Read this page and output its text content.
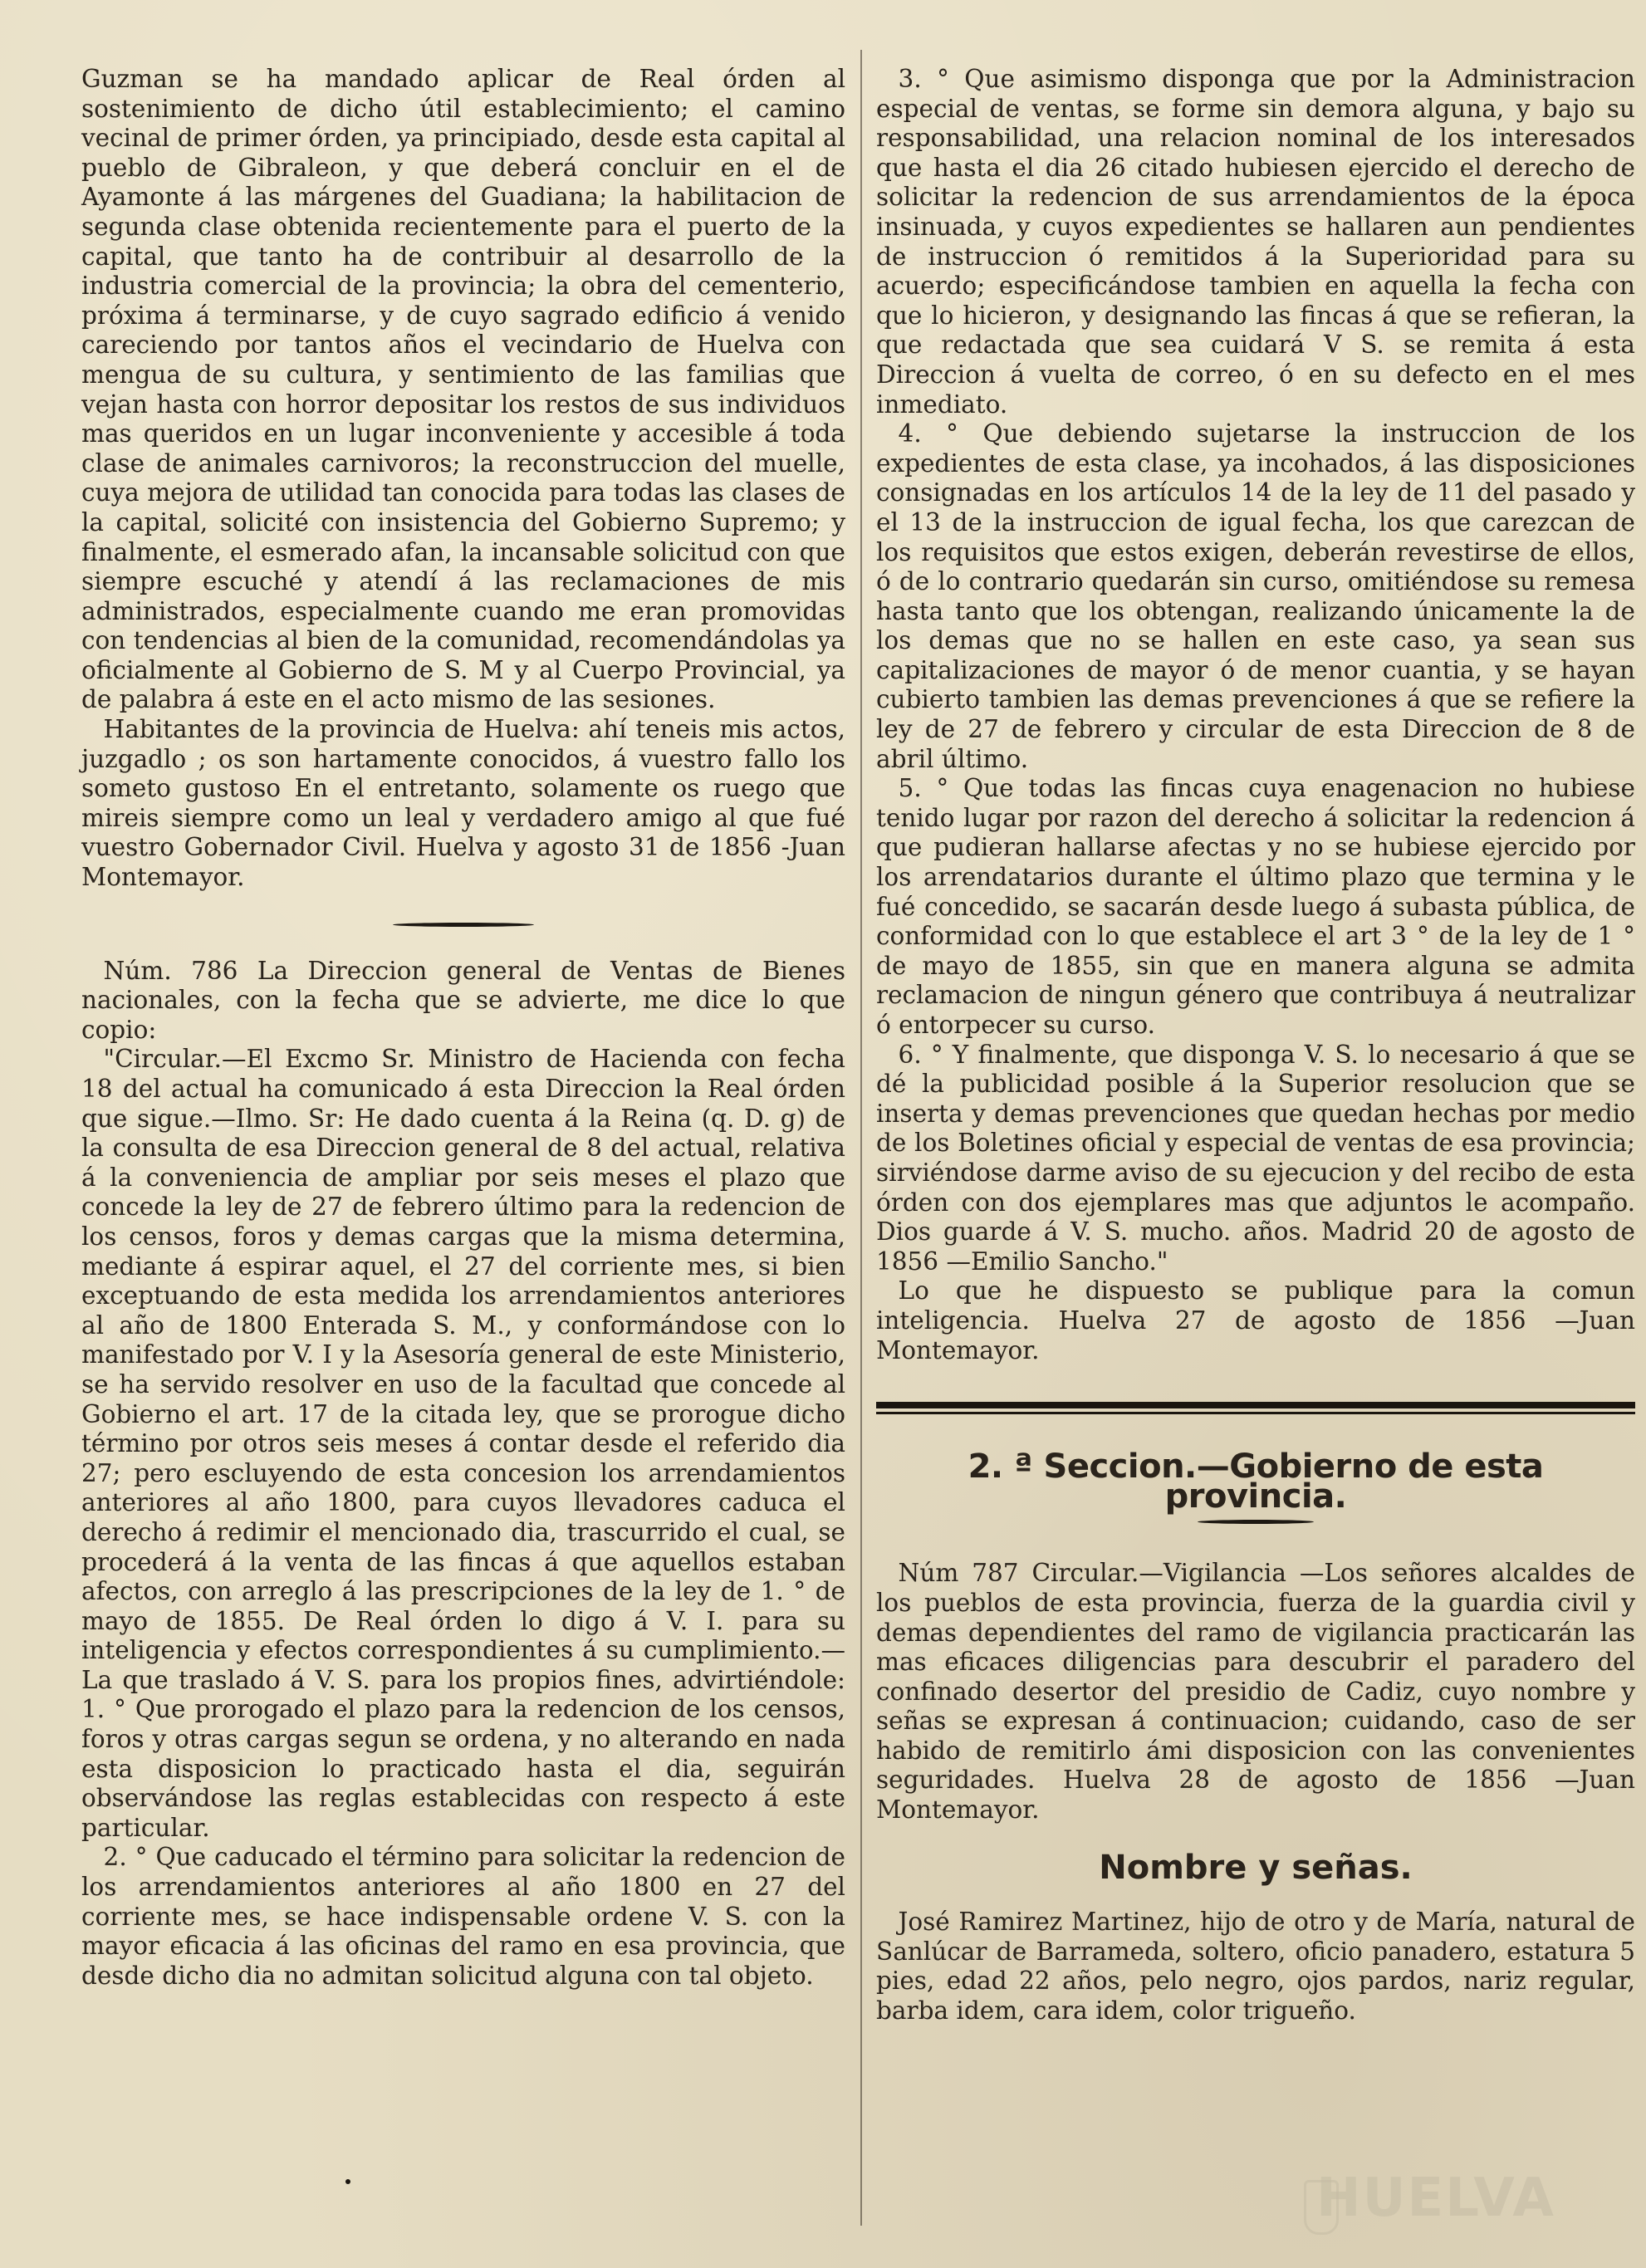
Guzman se ha mandado aplicar de Real órden al sostenimiento de dicho útil establecimiento; el camino vecinal de primer órden, ya principiado, desde esta capital al pueblo de Gibraleon, y que deberá concluir en el de Ayamonte á las márgenes del Guadiana; la habilitacion de segunda clase obtenida recientemente para el puerto de la capital, que tanto ha de contribuir al desarrollo de la industria comercial de la provincia; la obra del cementerio, próxima á terminarse, y de cuyo sagrado edificio á venido careciendo por tantos años el vecindario de Huelva con mengua de su cultura, y sentimiento de las familias que vejan hasta con horror depositar los restos de sus individuos mas queridos en un lugar inconveniente y accesible á toda clase de animales carnivoros; la reconstruccion del muelle, cuya mejora de utilidad tan conocida para todas las clases de la capital, solicité con insistencia del Gobierno Supremo; y finalmente, el esmerado afan, la incansable solicitud con que siempre escuché y atendí á las reclamaciones de mis administrados, especialmente cuando me eran promovidas con tendencias al bien de la comunidad, recomendándolas ya oficialmente al Gobierno de S. M y al Cuerpo Provincial, ya de palabra á este en el acto mismo de las sesiones.

Habitantes de la provincia de Huelva: ahí teneis mis actos, juzgadlo ; os son hartamente conocidos, á vuestro fallo los someto gustoso En el entretanto, solamente os ruego que mireis siempre como un leal y verdadero amigo al que fué vuestro Gobernador Civil. Huelva y agosto 31 de 1856 -Juan Montemayor.

Núm. 786 La Direccion general de Ventas de Bienes nacionales, con la fecha que se advierte, me dice lo que copio:

"Circular.—El Excmo Sr. Ministro de Hacienda con fecha 18 del actual ha comunicado á esta Direccion la Real órden que sigue.—Ilmo. Sr: He dado cuenta á la Reina (q. D. g) de la consulta de esa Direccion general de 8 del actual, relativa á la conveniencia de ampliar por seis meses el plazo que concede la ley de 27 de febrero último para la redencion de los censos, foros y demas cargas que la misma determina, mediante á espirar aquel, el 27 del corriente mes, si bien exceptuando de esta medida los arrendamientos anteriores al año de 1800 Enterada S. M., y conformándose con lo manifestado por V. I y la Asesoría general de este Ministerio, se ha servido resolver en uso de la facultad que concede al Gobierno el art. 17 de la citada ley, que se prorogue dicho término por otros seis meses á contar desde el referido dia 27; pero escluyendo de esta concesion los arrendamientos anteriores al año 1800, para cuyos llevadores caduca el derecho á redimir el mencionado dia, trascurrido el cual, se procederá á la venta de las fincas á que aquellos estaban afectos, con arreglo á las prescripciones de la ley de 1. ° de mayo de 1855. De Real órden lo digo á V. I. para su inteligencia y efectos correspondientes á su cumplimiento.—La que traslado á V. S. para los propios fines, advirtiéndole: 1. ° Que prorogado el plazo para la redencion de los censos, foros y otras cargas segun se ordena, y no alterando en nada esta disposicion lo practicado hasta el dia, seguirán observándose las reglas establecidas con respecto á este particular.

2. ° Que caducado el término para solicitar la redencion de los arrendamientos anteriores al año 1800 en 27 del corriente mes, se hace indispensable ordene V. S. con la mayor eficacia á las oficinas del ramo en esa provincia, que desde dicho dia no admitan solicitud alguna con tal objeto.

3. ° Que asimismo disponga que por la Administracion especial de ventas, se forme sin demora alguna, y bajo su responsabilidad, una relacion nominal de los interesados que hasta el dia 26 citado hubiesen ejercido el derecho de solicitar la redencion de sus arrendamientos de la época insinuada, y cuyos expedientes se hallaren aun pendientes de instruccion ó remitidos á la Superioridad para su acuerdo; especificándose tambien en aquella la fecha con que lo hicieron, y designando las fincas á que se refieran, la que redactada que sea cuidará V S. se remita á esta Direccion á vuelta de correo, ó en su defecto en el mes inmediato.

4. ° Que debiendo sujetarse la instruccion de los expedientes de esta clase, ya incohados, á las disposiciones consignadas en los artículos 14 de la ley de 11 del pasado y el 13 de la instruccion de igual fecha, los que carezcan de los requisitos que estos exigen, deberán revestirse de ellos, ó de lo contrario quedarán sin curso, omitiéndose su remesa hasta tanto que los obtengan, realizando únicamente la de los demas que no se hallen en este caso, ya sean sus capitalizaciones de mayor ó de menor cuantia, y se hayan cubierto tambien las demas prevenciones á que se refiere la ley de 27 de febrero y circular de esta Direccion de 8 de abril último.

5. ° Que todas las fincas cuya enagenacion no hubiese tenido lugar por razon del derecho á solicitar la redencion á que pudieran hallarse afectas y no se hubiese ejercido por los arrendatarios durante el último plazo que termina y le fué concedido, se sacarán desde luego á subasta pública, de conformidad con lo que establece el art 3 ° de la ley de 1 ° de mayo de 1855, sin que en manera alguna se admita reclamacion de ningun género que contribuya á neutralizar ó entorpecer su curso.

6. ° Y finalmente, que disponga V. S. lo necesario á que se dé la publicidad posible á la Superior resolucion que se inserta y demas prevenciones que quedan hechas por medio de los Boletines oficial y especial de ventas de esa provincia; sirviéndose darme aviso de su ejecucion y del recibo de esta órden con dos ejemplares mas que adjuntos le acompaño. Dios guarde á V. S. mucho. años. Madrid 20 de agosto de 1856 —Emilio Sancho."

Lo que he dispuesto se publique para la comun inteligencia. Huelva 27 de agosto de 1856 —Juan Montemayor.

2. ª Seccion.—Gobierno de esta provincia.

Núm 787 Circular.—Vigilancia —Los señores alcaldes de los pueblos de esta provincia, fuerza de la guardia civil y demas dependientes del ramo de vigilancia practicarán las mas eficaces diligencias para descubrir el paradero del confinado desertor del presidio de Cadiz, cuyo nombre y señas se expresan á continuacion; cuidando, caso de ser habido de remitirlo ámi disposicion con las convenientes seguridades. Huelva 28 de agosto de 1856 —Juan Montemayor.

Nombre y señas.

José Ramirez Martinez, hijo de otro y de María, natural de Sanlúcar de Barrameda, soltero, oficio panadero, estatura 5 pies, edad 22 años, pelo negro, ojos pardos, nariz regular, barba idem, cara idem, color trigueño.

HUELVA
